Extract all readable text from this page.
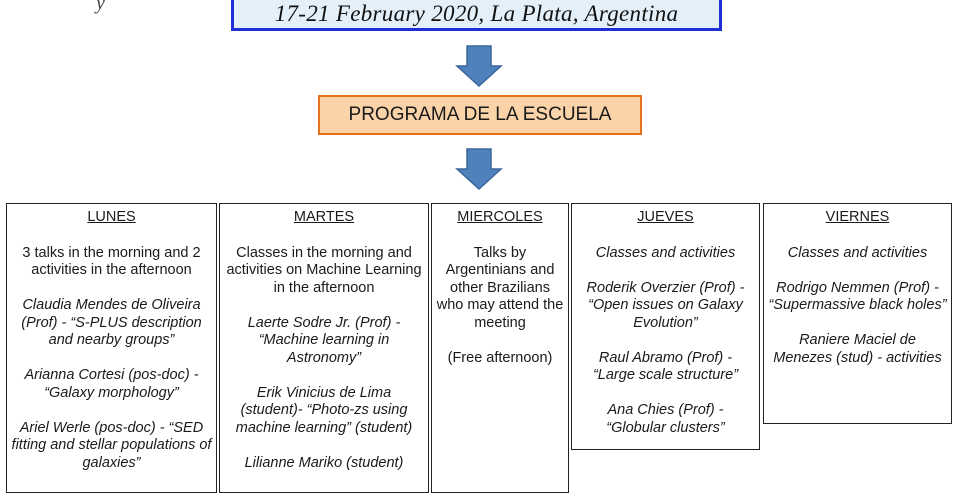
y	17-21 February 2020, La Plata, Argentina
PROGRAMA DE LA ESCUELA
LUNES
3 talks in the morning and 2 activities in the afternoon
Claudia Mendes de Oliveira (Prof) - “S-PLUS description and nearby groups”
Arianna Cortesi (pos-doc) - “Galaxy morphology”
Ariel Werle (pos-doc) - “SED fitting and stellar populations of galaxies”
MARTES
Classes in the morning and activities on Machine Learning in the afternoon
Laerte Sodre Jr. (Prof) - “Machine learning in Astronomy”
Erik Vinicius de Lima (student)- “Photo-zs using machine learning” (student)
Lilianne Mariko (student)
MIERCOLES
Talks by Argentinians and other Brazilians who may attend the meeting
(Free afternoon)
JUEVES
Classes and activities
Roderik Overzier (Prof) - “Open issues on Galaxy Evolution”
Raul Abramo (Prof) - “Large scale structure”
Ana Chies (Prof) - “Globular clusters”
VIERNES
Classes and activities
Rodrigo Nemmen (Prof) - “Supermassive black holes”
Raniere Maciel de Menezes (stud) - activities
